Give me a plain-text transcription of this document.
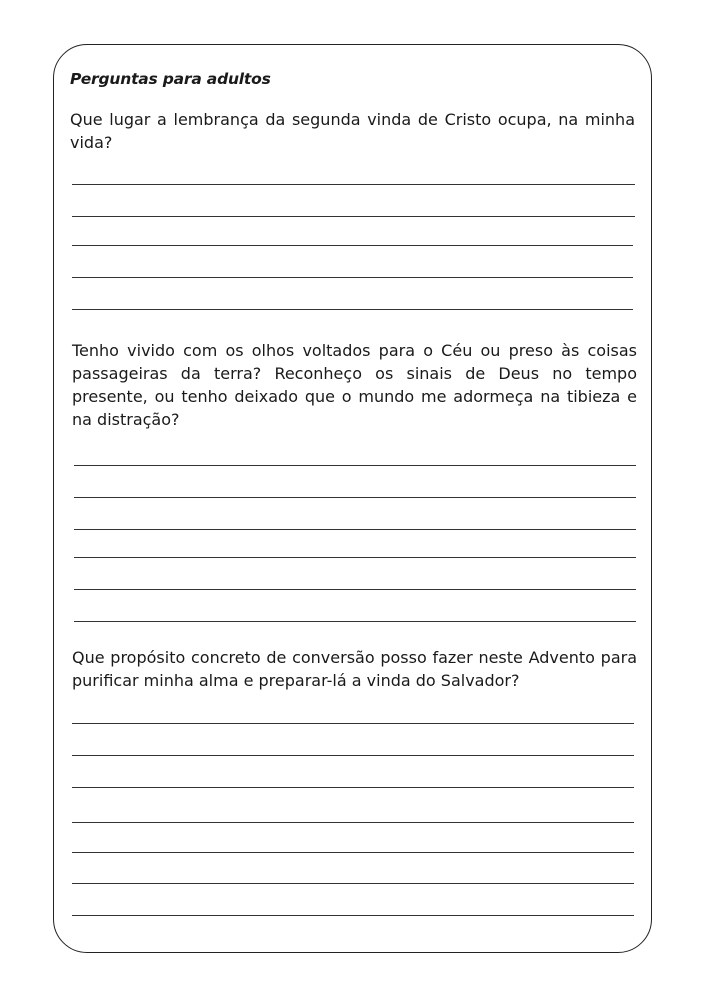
Perguntas para adultos

Que lugar a lembrança da segunda vinda de Cristo ocupa, na minha vida?

Tenho vivido com os olhos voltados para o Céu ou preso às coisas passageiras da terra? Reconheço os sinais de Deus no tempo presente, ou tenho deixado que o mundo me adormeça na tibieza e na distração?

Que propósito concreto de conversão posso fazer neste Advento para purificar minha alma e preparar-lá a vinda do Salvador?
